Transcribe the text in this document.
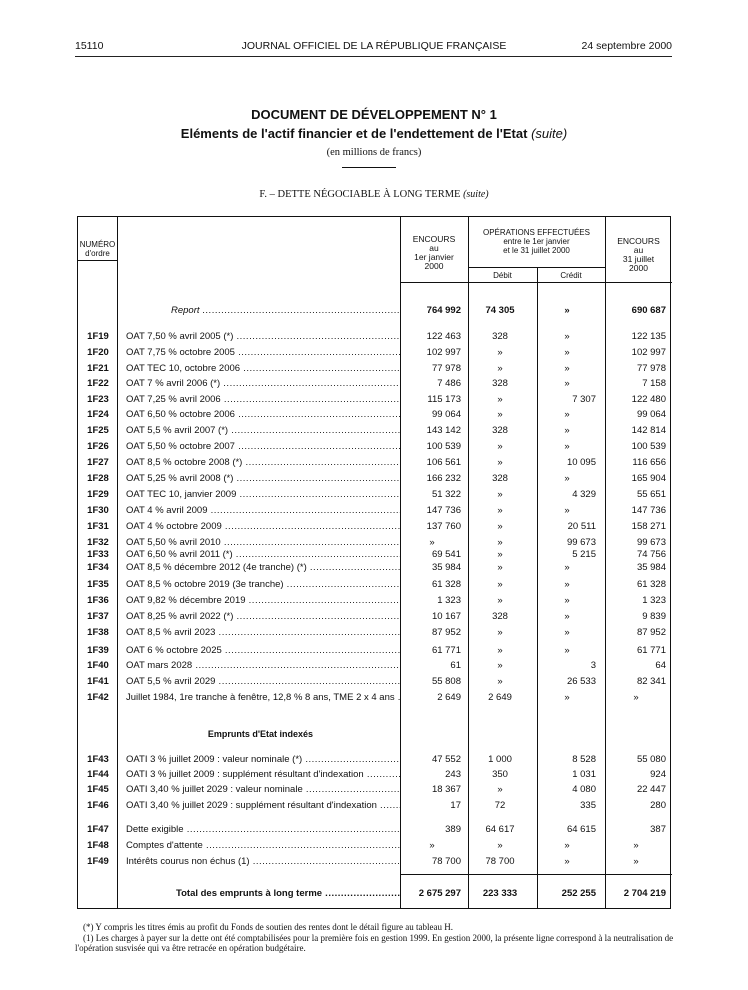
15110	JOURNAL OFFICIEL DE LA RÉPUBLIQUE FRANÇAISE	24 septembre 2000
DOCUMENT DE DÉVELOPPEMENT N° 1
Eléments de l'actif financier et de l'endettement de l'Etat (suite)
(en millions de francs)
F. – DETTE NÉGOCIABLE À LONG TERME (suite)
NUMÉRO
d'ordre
ENCOURS
au
1er janvier
2000
OPÉRATIONS EFFECTUÉES
entre le 1er janvier
et le 31 juillet 2000
Débit	Crédit
ENCOURS
au
31 juillet
2000
Report .....	764 992	74 305	»	690 687
1F19	OAT 7,50 % avril 2005 (*) .....	122 463	328	»	122 135
1F20	OAT 7,75 % octobre 2005 .....	102 997	»	»	102 997
1F21	OAT TEC 10, octobre 2006 .....	77 978	»	»	77 978
1F22	OAT 7 % avril 2006 (*) .....	7 486	328	»	7 158
1F23	OAT 7,25 % avril 2006 .....	115 173	»	7 307	122 480
1F24	OAT 6,50 % octobre 2006 .....	99 064	»	»	99 064
1F25	OAT 5,5 % avril 2007 (*) .....	143 142	328	»	142 814
1F26	OAT 5,50 % octobre 2007 .....	100 539	»	»	100 539
1F27	OAT 8,5 % octobre 2008 (*) .....	106 561	»	10 095	116 656
1F28	OAT 5,25 % avril 2008 (*) .....	166 232	328	»	165 904
1F29	OAT TEC 10, janvier 2009 .....	51 322	»	4 329	55 651
1F30	OAT 4 % avril 2009 .....	147 736	»	»	147 736
1F31	OAT 4 % octobre 2009 .....	137 760	»	20 511	158 271
1F32	OAT 5,50 % avril 2010 .....	»	»	99 673	99 673
1F33	OAT 6,50 % avril 2011 (*) .....	69 541	»	5 215	74 756
1F34	OAT 8,5 % décembre 2012 (4e tranche) (*) .....	35 984	»	»	35 984
1F35	OAT 8,5 % octobre 2019 (3e tranche) .....	61 328	»	»	61 328
1F36	OAT 9,82 % décembre 2019 .....	1 323	»	»	1 323
1F37	OAT 8,25 % avril 2022 (*) .....	10 167	328	»	9 839
1F38	OAT 8,5 % avril 2023 .....	87 952	»	»	87 952
1F39	OAT 6 % octobre 2025 .....	61 771	»	»	61 771
1F40	OAT mars 2028 .....	61	»	3	64
1F41	OAT 5,5 % avril 2029 .....	55 808	»	26 533	82 341
1F42	Juillet 1984, 1re tranche à fenêtre, 12,8 % 8 ans, TME 2 x 4 ans .....	2 649	2 649	»	»
Emprunts d'Etat indexés
1F43	OATI 3 % juillet 2009 : valeur nominale (*) .....	47 552	1 000	8 528	55 080
1F44	OATI 3 % juillet 2009 : supplément résultant d'indexation .....	243	350	1 031	924
1F45	OATI 3,40 % juillet 2029 : valeur nominale .....	18 367	»	4 080	22 447
1F46	OATI 3,40 % juillet 2029 : supplément résultant d'indexation .....	17	72	335	280
1F47	Dette exigible .....	389	64 617	64 615	387
1F48	Comptes d'attente .....	»	»	»	»
1F49	Intérêts courus non échus (1) .....	78 700	78 700	»	»
Total des emprunts à long terme .....	2 675 297	223 333	252 255	2 704 219
(*) Y compris les titres émis au profit du Fonds de soutien des rentes dont le détail figure au tableau H.
(1) Les charges à payer sur la dette ont été comptabilisées pour la première fois en gestion 1999. En gestion 2000, la présente ligne correspond à la neutralisation de l'opération susvisée qui va être retracée en opération budgétaire.
